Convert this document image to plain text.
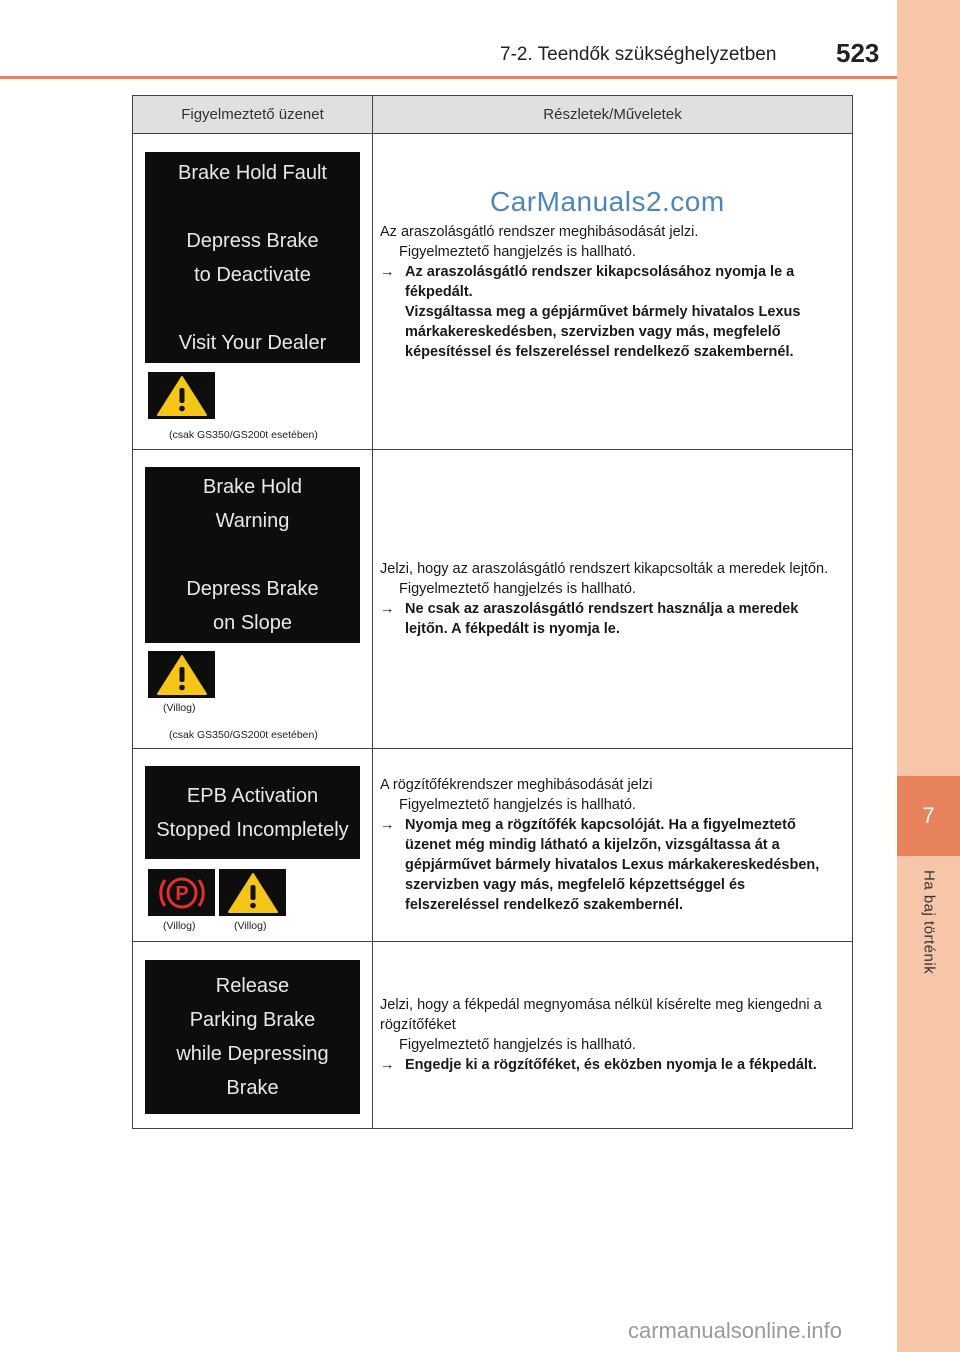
7
Ha baj történik
7-2. Teendők szükséghelyzetben 523
Figyelmeztető üzenet	Részletek/Műveletek
Brake Hold Fault
Depress Brake
to Deactivate
Visit Your Dealer
(csak GS350/GS200t esetében)
Az araszolásgátló rendszer meghibásodását jelzi.
Figyelmeztető hangjelzés is hallható.
→ Az araszolásgátló rendszer kikapcsolásához nyomja le a fékpedált.
Vizsgáltassa meg a gépjárművet bármely hivatalos Lexus márkakereskedésben, szervizben vagy más, megfelelő képesítéssel és felszereléssel rendelkező szakembernél.
Brake Hold
Warning
Depress Brake
on Slope
(Villog)
(csak GS350/GS200t esetében)
Jelzi, hogy az araszolásgátló rendszert kikapcsolták a meredek lejtőn.
Figyelmeztető hangjelzés is hallható.
→ Ne csak az araszolásgátló rendszert használja a meredek lejtőn. A fékpedált is nyomja le.
EPB Activation
Stopped Incompletely
P
(Villog)	(Villog)
A rögzítőfékrendszer meghibásodását jelzi
Figyelmeztető hangjelzés is hallható.
→ Nyomja meg a rögzítőfék kapcsolóját. Ha a figyelmeztető üzenet még mindig látható a kijelzőn, vizsgáltassa át a gépjárművet bármely hivatalos Lexus márkakereskedésben, szervizben vagy más, megfelelő képzettséggel és felszereléssel rendelkező szakembernél.
Release
Parking Brake
while Depressing
Brake
Jelzi, hogy a fékpedál megnyomása nélkül kísérelte meg kiengedni a rögzítőféket
Figyelmeztető hangjelzés is hallható.
→ Engedje ki a rögzítőféket, és eközben nyomja le a fékpedált.
CarManuals2.com
carmanualsonline.info
